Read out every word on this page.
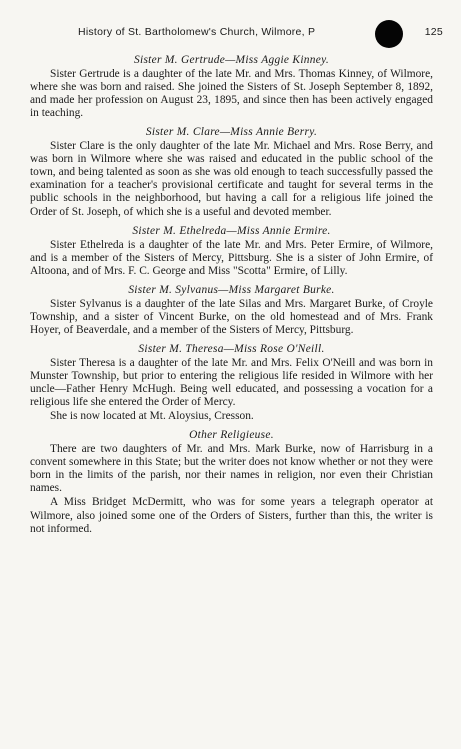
History of St. Bartholomew's Church, Wilmore, P	125
Sister M. Gertrude—Miss Aggie Kinney.

Sister Gertrude is a daughter of the late Mr. and Mrs. Thomas Kinney, of Wilmore, where she was born and raised. She joined the Sisters of St. Joseph September 8, 1892, and made her profession on August 23, 1895, and since then has been actively engaged in teaching.

Sister M. Clare—Miss Annie Berry.

Sister Clare is the only daughter of the late Mr. Michael and Mrs. Rose Berry, and was born in Wilmore where she was raised and educated in the public school of the town, and being talented as soon as she was old enough to teach successfully passed the examination for a teacher's provisional certificate and taught for several terms in the public schools in the neighborhood, but having a call for a religious life joined the Order of St. Joseph, of which she is a useful and devoted member.

Sister M. Ethelreda—Miss Annie Ermire.

Sister Ethelreda is a daughter of the late Mr. and Mrs. Peter Ermire, of Wilmore, and is a member of the Sisters of Mercy, Pittsburg. She is a sister of John Ermire, of Altoona, and of Mrs. F. C. George and Miss "Scotta" Ermire, of Lilly.

Sister M. Sylvanus—Miss Margaret Burke.

Sister Sylvanus is a daughter of the late Silas and Mrs. Margaret Burke, of Croyle Township, and a sister of Vincent Burke, on the old homestead and of Mrs. Frank Hoyer, of Beaverdale, and a member of the Sisters of Mercy, Pittsburg.

Sister M. Theresa—Miss Rose O'Neill.

Sister Theresa is a daughter of the late Mr. and Mrs. Felix O'Neill and was born in Munster Township, but prior to entering the religious life resided in Wilmore with her uncle—Father Henry McHugh. Being well educated, and possessing a vocation for a religious life she entered the Order of Mercy.

She is now located at Mt. Aloysius, Cresson.

Other Religieuse.

There are two daughters of Mr. and Mrs. Mark Burke, now of Harrisburg in a convent somewhere in this State; but the writer does not know whether or not they were born in the limits of the parish, nor their names in religion, nor even their Christian names.

A Miss Bridget McDermitt, who was for some years a telegraph operator at Wilmore, also joined some one of the Orders of Sisters, further than this, the writer is not informed.
